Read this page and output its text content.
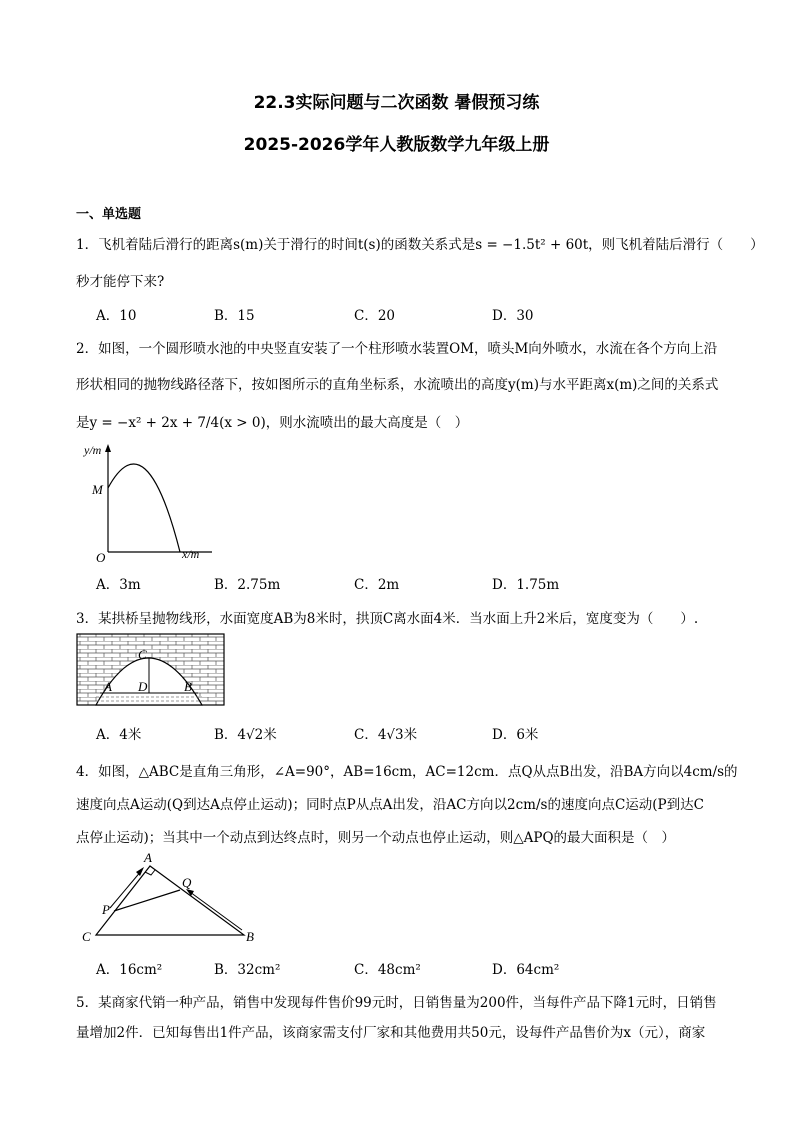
22.3实际问题与二次函数 暑假预习练
2025-2026学年人教版数学九年级上册
一、单选题
1．飞机着陆后滑行的距离s(m)关于滑行的时间t(s)的函数关系式是s = −1.5t² + 60t，则飞机着陆后滑行（　　）
秒才能停下来?
A．10	B．15	C．20	D．30
2．如图，一个圆形喷水池的中央竖直安装了一个柱形喷水装置OM，喷头M向外喷水，水流在各个方向上沿
形状相同的抛物线路径落下，按如图所示的直角坐标系，水流喷出的高度y(m)与水平距离x(m)之间的关系式
是y = −x² + 2x + 7/4(x > 0)，则水流喷出的最大高度是（　）
y/m
x/m
O
M
A．3m	B．2.75m	C．2m	D．1.75m
3．某拱桥呈抛物线形，水面宽度AB为8米时，拱顶C离水面4米．当水面上升2米后，宽度变为（　　）.
A D	B
C
A．4米	B．4√2米	C．4√3米	D．6米
4．如图，△ABC是直角三角形，∠A=90°，AB=16cm，AC=12cm．点Q从点B出发，沿BA方向以4cm/s的
速度向点A运动(Q到达A点停止运动)；同时点P从点A出发，沿AC方向以2cm/s的速度向点C运动(P到达C
点停止运动)；当其中一个动点到达终点时，则另一个动点也停止运动，则△APQ的最大面积是（　）
A
Q
P
C	B
A．16cm²	B．32cm²	C．48cm²	D．64cm²
5．某商家代销一种产品，销售中发现每件售价99元时，日销售量为200件，当每件产品下降1元时，日销售
量增加2件．已知每售出1件产品，该商家需支付厂家和其他费用共50元，设每件产品售价为x（元），商家
